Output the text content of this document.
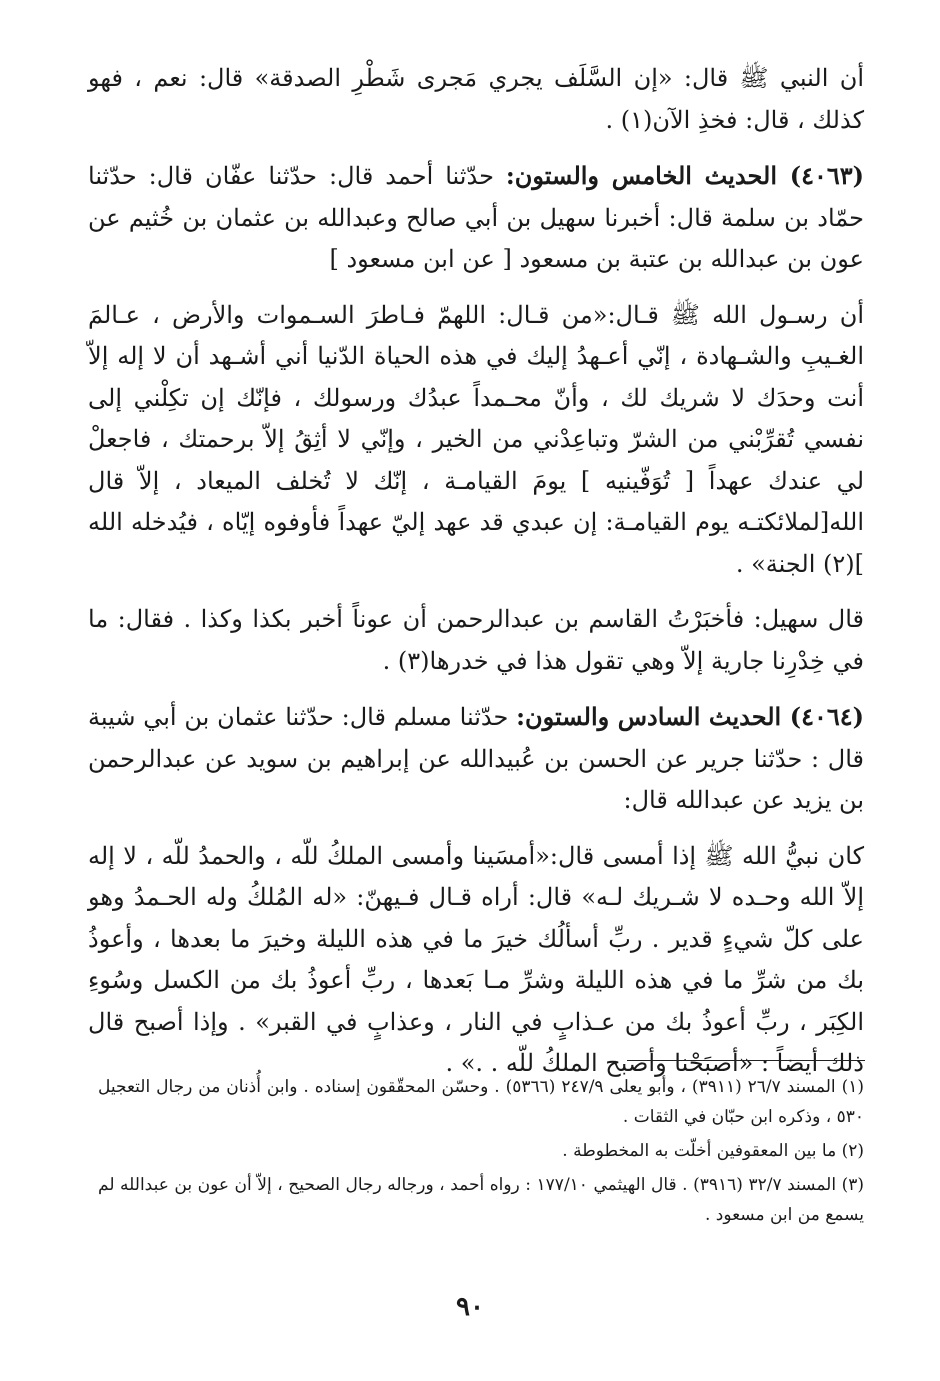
أن النبي ﷺ قال: «إن السَّلَف يجري مَجرى شَطْرِ الصدقة» قال: نعم ، فهو كذلك ، قال: فخذِ الآن(١) .

(٤٠٦٣) الحديث الخامس والستون: حدّثنا أحمد قال: حدّثنا عفّان قال: حدّثنا حمّاد بن سلمة قال: أخبرنا سهيل بن أبي صالح وعبدالله بن عثمان بن خُثيم عن عون بن عبدالله بن عتبة بن مسعود [ عن ابن مسعود ]

أن رسـول الله ﷺ قـال:«من قـال: اللهمّ فـاطرَ السـموات والأرض ، عـالمَ الغـيبِ والشـهادة ، إنّي أعـهدُ إليك في هذه الحياة الدّنيا أني أشـهد أن لا إله إلاّ أنت وحدَك لا شريك لك ، وأنّ محـمداً عبدُك ورسولك ، فإنّك إن تكِلْني إلى نفسي تُقرِّبْني من الشرّ وتباعِدْني من الخير ، وإنّي لا أثِقُ إلاّ برحمتك ، فاجعلْ لي عندك عهداً [ تُوَفّينيه ] يومَ القيامـة ، إنّك لا تُخلف الميعاد ، إلاّ قال الله[لملائكتـه يوم القيامـة: إن عبدي قد عهد إليّ عهداً فأوفوه إيّاه ، فيُدخله الله ](٢) الجنة» .

قال سهيل: فأخبَرْتُ القاسم بن عبدالرحمن أن عوناً أخبر بكذا وكذا . فقال: ما في خِدْرِنا جارية إلاّ وهي تقول هذا في خدرها(٣) .

(٤٠٦٤) الحديث السادس والستون: حدّثنا مسلم قال: حدّثنا عثمان بن أبي شيبة قال : حدّثنا جرير عن الحسن بن عُبيدالله عن إبراهيم بن سويد عن عبدالرحمن بن يزيد عن عبدالله قال:

كان نبيُّ الله ﷺ إذا أمسى قال:«أمسَينا وأمسى الملكُ للّه ، والحمدُ للّه ، لا إله إلاّ الله وحـده لا شـريك لـه» قال: أراه قـال فـيهنّ: «له المُلكُ وله الحـمدُ وهو على كلّ شيءٍ قدير . ربِّ أسألُك خيرَ ما في هذه الليلة وخيرَ ما بعدها ، وأعوذُ بك من شرِّ ما في هذه الليلة وشرِّ مـا بَعدها ، ربِّ أعوذُ بك من الكسل وسُوءِ الكِبَر ، ربِّ أعوذُ بك من عـذابٍ في النار ، وعذابٍ في القبر» . وإذا أصبح قال ذلك أيضاً : «أصبَحْنا وأصبح الملكُ للّه . .» .

(١) المسند ٢٦/٧ (٣٩١١) ، وأبو يعلى ٢٤٧/٩ (٥٣٦٦) . وحسّن المحقّقون إسناده . وابن أُذنان من رجال التعجيل ٥٣٠ ، وذكره ابن حبّان في الثقات .

(٢) ما بين المعقوفين أخلّت به المخطوطة .

(٣) المسند ٣٢/٧ (٣٩١٦) . قال الهيثمي ١٧٧/١٠ : رواه أحمد ، ورجاله رجال الصحيح ، إلاّ أن عون بن عبدالله لم يسمع من ابن مسعود .

٩٠
